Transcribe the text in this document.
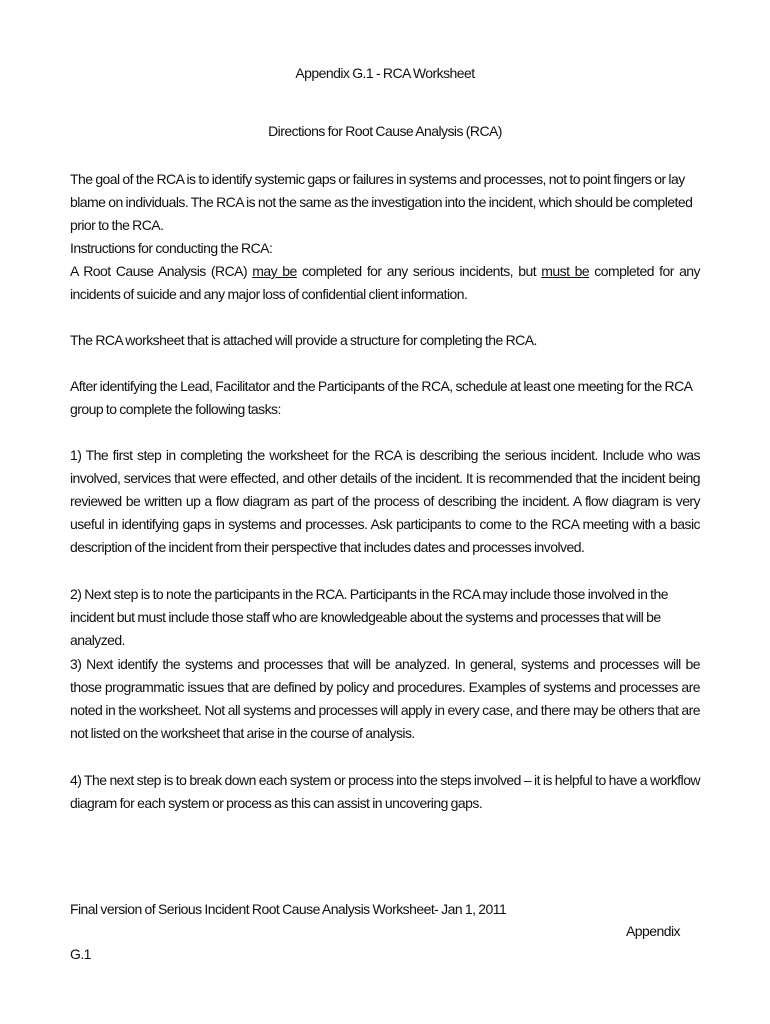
Appendix G.1 - RCA Worksheet

Directions for Root Cause Analysis (RCA)

The goal of the RCA is to identify systemic gaps or failures in systems and processes, not to point fingers or lay blame on individuals. The RCA is not the same as the investigation into the incident, which should be completed prior to the RCA.

Instructions for conducting the RCA:
A Root Cause Analysis (RCA) may be completed for any serious incidents, but must be completed for any incidents of suicide and any major loss of confidential client information.

The RCA worksheet that is attached will provide a structure for completing the RCA.

After identifying the Lead, Facilitator and the Participants of the RCA, schedule at least one meeting for the RCA group to complete the following tasks:

1) The first step in completing the worksheet for the RCA is describing the serious incident. Include who was involved, services that were effected, and other details of the incident. It is recommended that the incident being reviewed be written up a flow diagram as part of the process of describing the incident. A flow diagram is very useful in identifying gaps in systems and processes. Ask participants to come to the RCA meeting with a basic description of the incident from their perspective that includes dates and processes involved.

2) Next step is to note the participants in the RCA. Participants in the RCA may include those involved in the incident but must include those staff who are knowledgeable about the systems and processes that will be analyzed.

3) Next identify the systems and processes that will be analyzed. In general, systems and processes will be those programmatic issues that are defined by policy and procedures. Examples of systems and processes are noted in the worksheet. Not all systems and processes will apply in every case, and there may be others that are not listed on the worksheet that arise in the course of analysis.

4) The next step is to break down each system or process into the steps involved – it is helpful to have a workflow diagram for each system or process as this can assist in uncovering gaps.

Final version of Serious Incident Root Cause Analysis Worksheet- Jan 1, 2011

Appendix

G.1
